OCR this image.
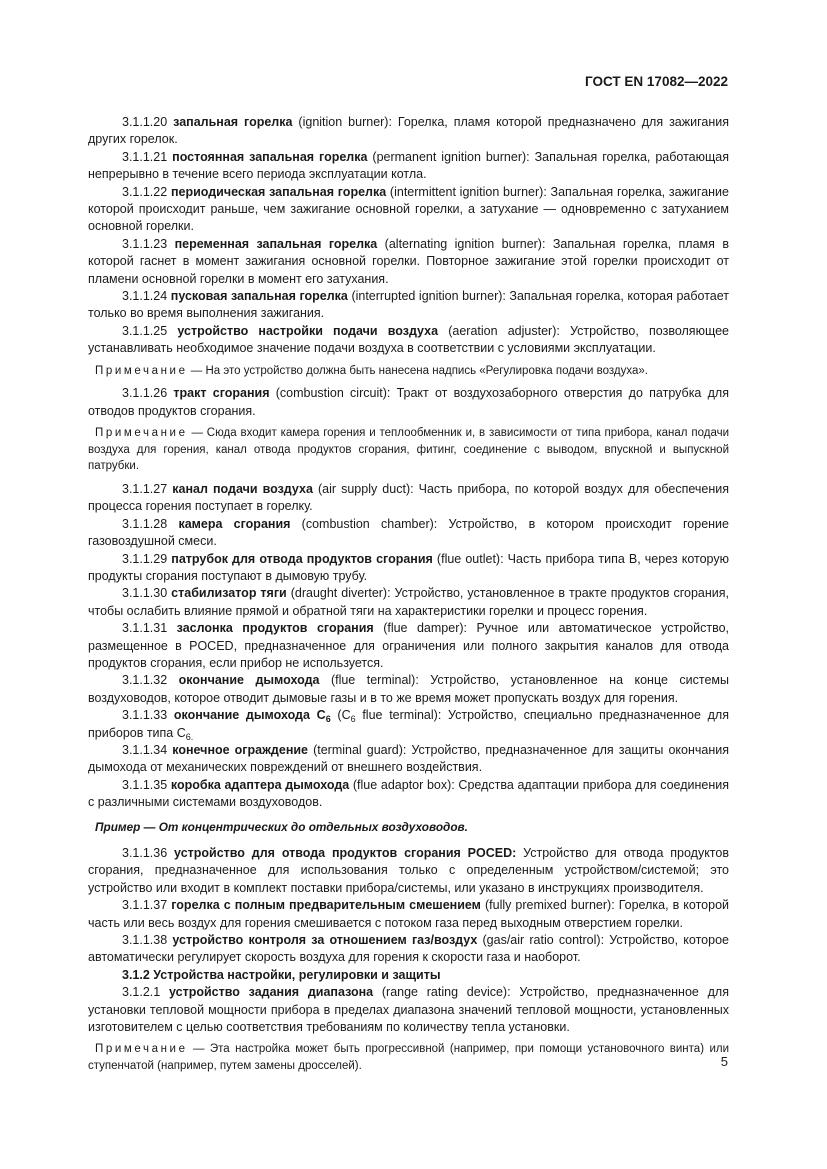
ГОСТ EN 17082—2022

3.1.1.20 запальная горелка (ignition burner): Горелка, пламя которой предназначено для зажигания других горелок.

3.1.1.21 постоянная запальная горелка (permanent ignition burner): Запальная горелка, работающая непрерывно в течение всего периода эксплуатации котла.

3.1.1.22 периодическая запальная горелка (intermittent ignition burner): Запальная горелка, зажигание которой происходит раньше, чем зажигание основной горелки, а затухание — одновременно с затуханием основной горелки.

3.1.1.23 переменная запальная горелка (alternating ignition burner): Запальная горелка, пламя в которой гаснет в момент зажигания основной горелки. Повторное зажигание этой горелки происходит от пламени основной горелки в момент его затухания.

3.1.1.24 пусковая запальная горелка (interrupted ignition burner): Запальная горелка, которая работает только во время выполнения зажигания.

3.1.1.25 устройство настройки подачи воздуха (aeration adjuster): Устройство, позволяющее устанавливать необходимое значение подачи воздуха в соответствии с условиями эксплуатации.

Примечание — На это устройство должна быть нанесена надпись «Регулировка подачи воздуха».

3.1.1.26 тракт сгорания (combustion circuit): Тракт от воздухозаборного отверстия до патрубка для отводов продуктов сгорания.

Примечание — Сюда входит камера горения и теплообменник и, в зависимости от типа прибора, канал подачи воздуха для горения, канал отвода продуктов сгорания, фитинг, соединение с выводом, впускной и выпускной патрубки.

3.1.1.27 канал подачи воздуха (air supply duct): Часть прибора, по которой воздух для обеспечения процесса горения поступает в горелку.

3.1.1.28 камера сгорания (combustion chamber): Устройство, в котором происходит горение газовоздушной смеси.

3.1.1.29 патрубок для отвода продуктов сгорания (flue outlet): Часть прибора типа В, через которую продукты сгорания поступают в дымовую трубу.

3.1.1.30 стабилизатор тяги (draught diverter): Устройство, установленное в тракте продуктов сгорания, чтобы ослабить влияние прямой и обратной тяги на характеристики горелки и процесс горения.

3.1.1.31 заслонка продуктов сгорания (flue damper): Ручное или автоматическое устройство, размещенное в POCED, предназначенное для ограничения или полного закрытия каналов для отвода продуктов сгорания, если прибор не используется.

3.1.1.32 окончание дымохода (flue terminal): Устройство, установленное на конце системы воздуховодов, которое отводит дымовые газы и в то же время может пропускать воздух для горения.

3.1.1.33 окончание дымохода $C_6$ ($C_6$ flue terminal): Устройство, специально предназначенное для приборов типа $C_{6.}$

3.1.1.34 конечное ограждение (terminal guard): Устройство, предназначенное для защиты окончания дымохода от механических повреждений от внешнего воздействия.

3.1.1.35 коробка адаптера дымохода (flue adaptor box): Средства адаптации прибора для соединения с различными системами воздуховодов.

Пример — От концентрических до отдельных воздуховодов.

3.1.1.36 устройство для отвода продуктов сгорания POCED: Устройство для отвода продуктов сгорания, предназначенное для использования только с определенным устройством/системой; это устройство или входит в комплект поставки прибора/системы, или указано в инструкциях производителя.

3.1.1.37 горелка с полным предварительным смешением (fully premixed burner): Горелка, в которой часть или весь воздух для горения смешивается с потоком газа перед выходным отверстием горелки.

3.1.1.38 устройство контроля за отношением газ/воздух (gas/air ratio control): Устройство, которое автоматически регулирует скорость воздуха для горения к скорости газа и наоборот.

3.1.2 Устройства настройки, регулировки и защиты

3.1.2.1 устройство задания диапазона (range rating device): Устройство, предназначенное для установки тепловой мощности прибора в пределах диапазона значений тепловой мощности, установленных изготовителем с целью соответствия требованиям по количеству тепла установки.

Примечание — Эта настройка может быть прогрессивной (например, при помощи установочного винта) или ступенчатой (например, путем замены дросселей).	5
